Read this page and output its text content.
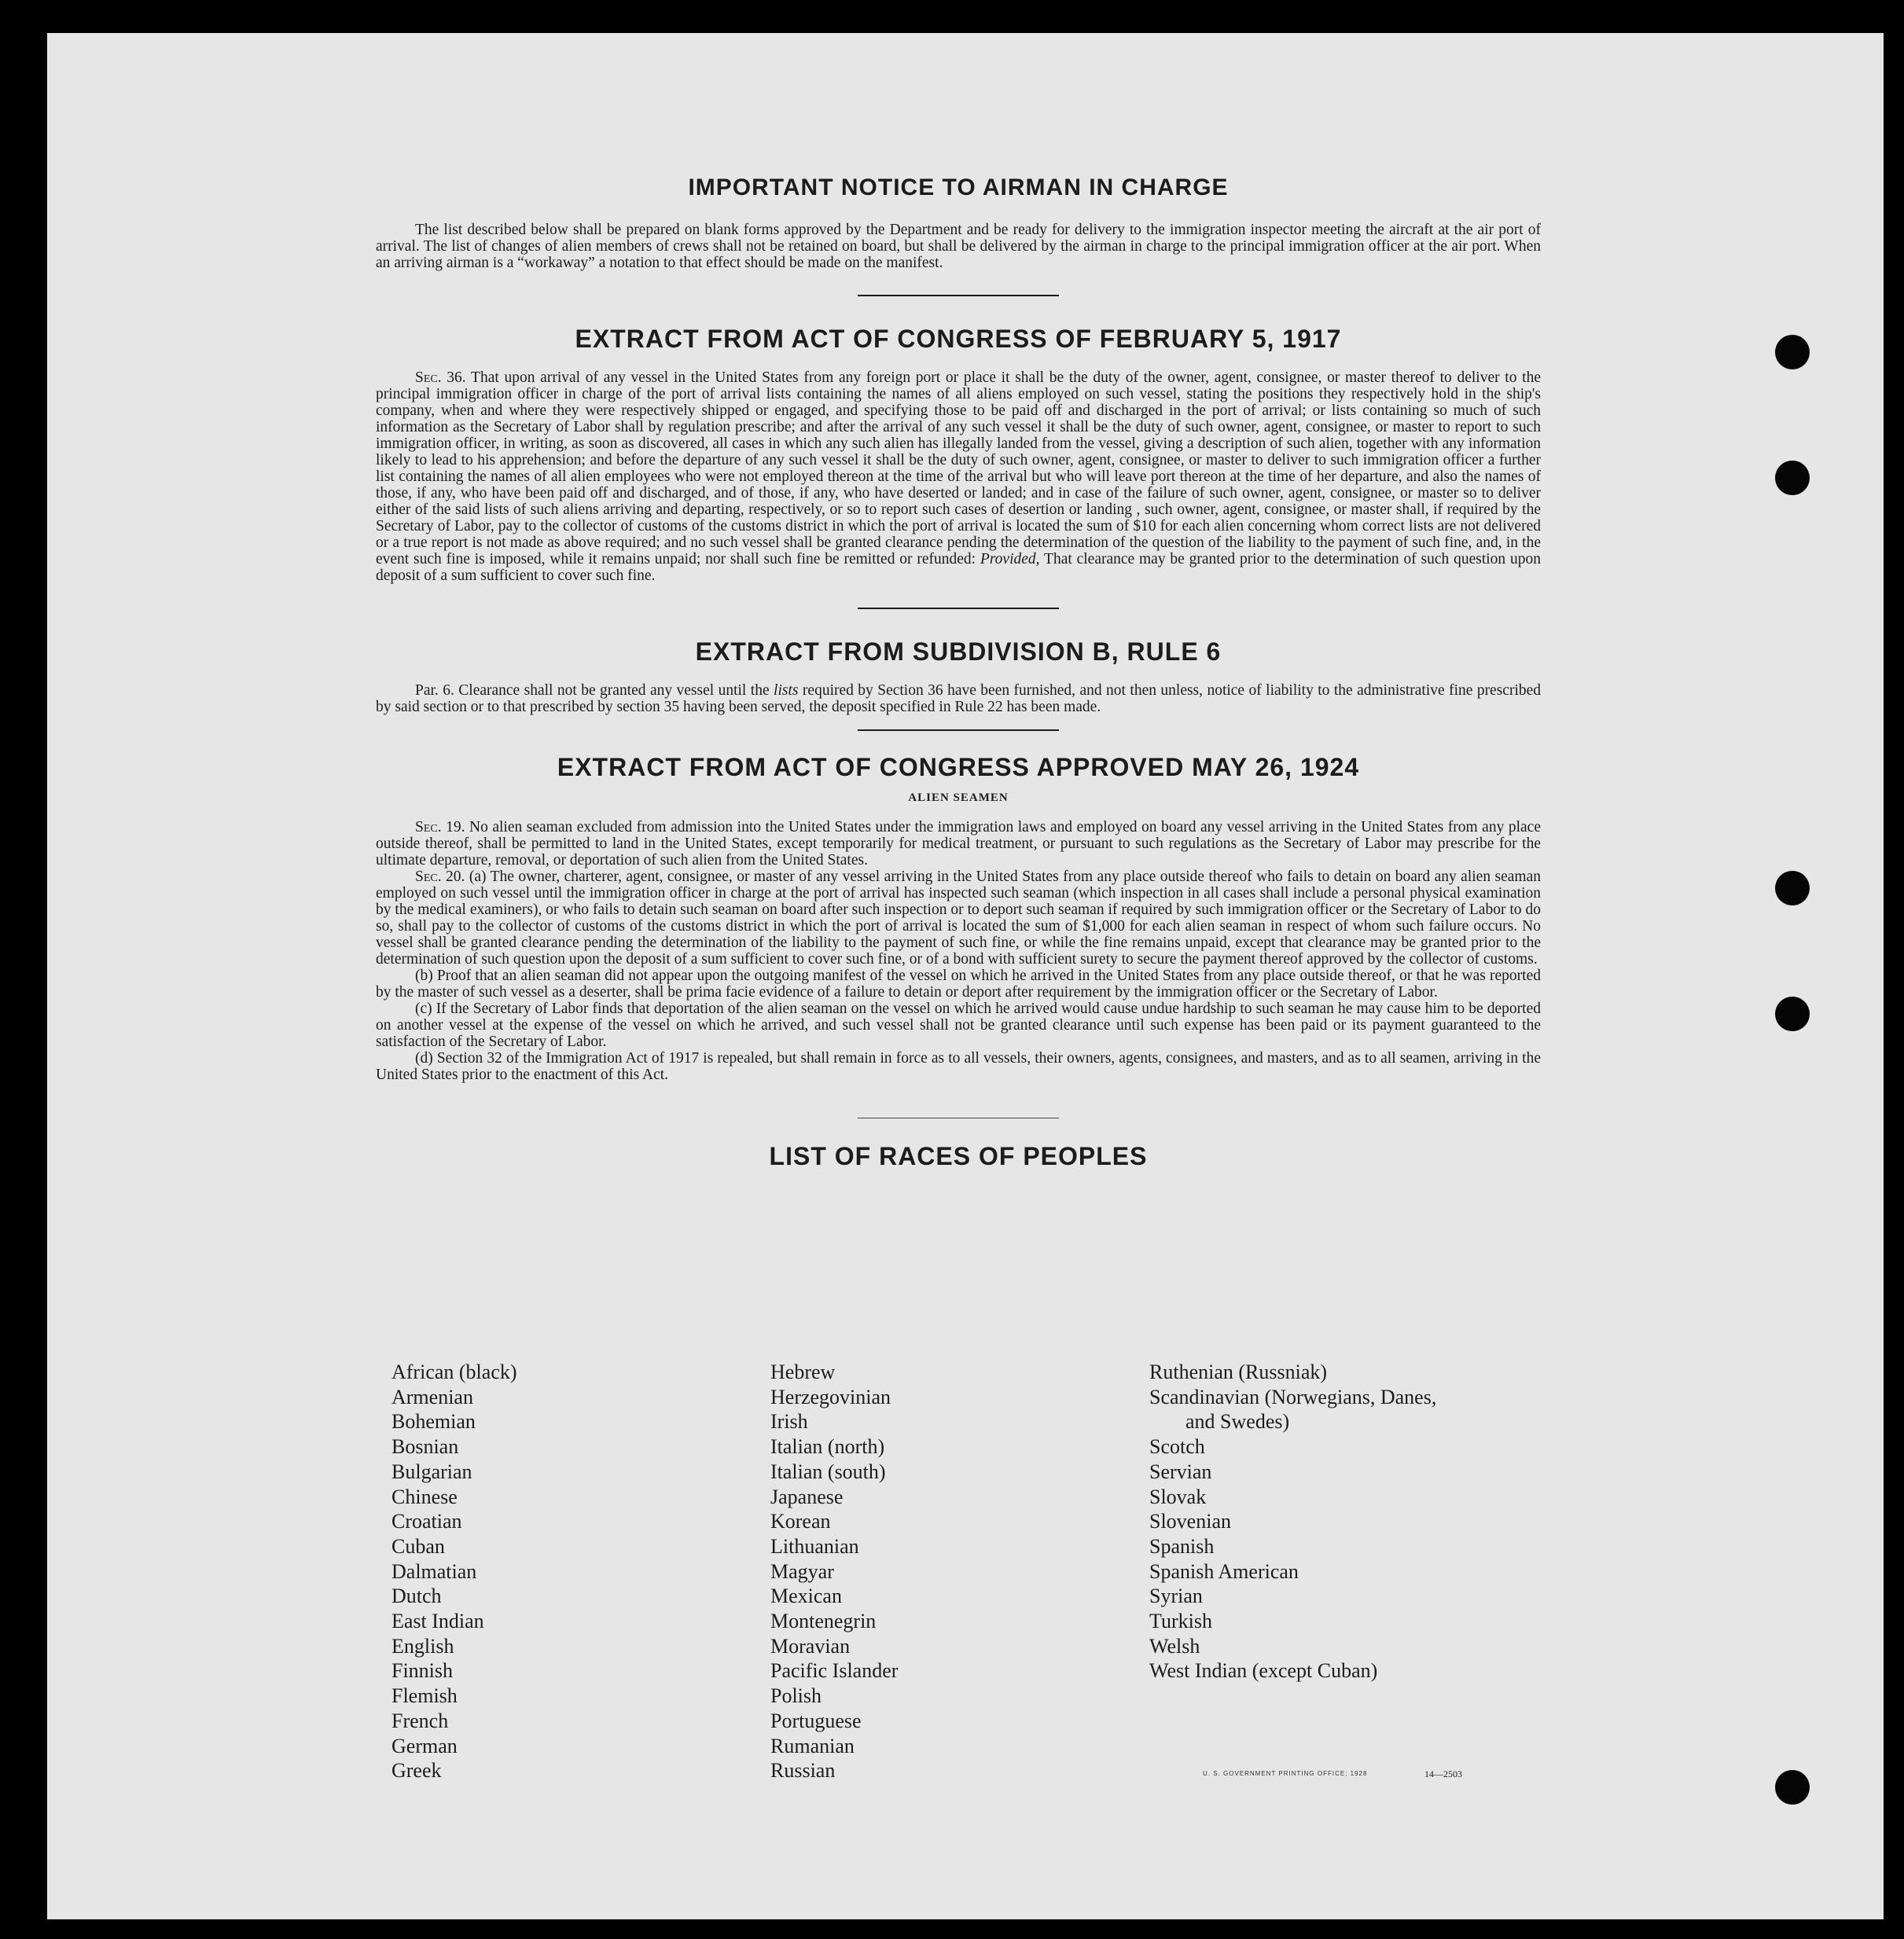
IMPORTANT NOTICE TO AIRMAN IN CHARGE

The list described below shall be prepared on blank forms approved by the Department and be ready for delivery to the immigration inspector meeting the aircraft at the air port of arrival. The list of changes of alien members of crews shall not be retained on board, but shall be delivered by the airman in charge to the principal immigration officer at the air port. When an arriving airman is a “workaway” a notation to that effect should be made on the manifest.

EXTRACT FROM ACT OF CONGRESS OF FEBRUARY 5, 1917

Sec. 36. That upon arrival of any vessel in the United States from any foreign port or place it shall be the duty of the owner, agent, consignee, or master thereof to deliver to the principal immigration officer in charge of the port of arrival lists containing the names of all aliens employed on such vessel, stating the positions they respectively hold in the ship's company, when and where they were respectively shipped or engaged, and specifying those to be paid off and discharged in the port of arrival; or lists containing so much of such information as the Secretary of Labor shall by regulation prescribe; and after the arrival of any such vessel it shall be the duty of such owner, agent, consignee, or master to report to such immigration officer, in writing, as soon as discovered, all cases in which any such alien has illegally landed from the vessel, giving a description of such alien, together with any information likely to lead to his apprehension; and before the departure of any such vessel it shall be the duty of such owner, agent, consignee, or master to deliver to such immigration officer a further list containing the names of all alien employees who were not employed thereon at the time of the arrival but who will leave port thereon at the time of her departure, and also the names of those, if any, who have been paid off and discharged, and of those, if any, who have deserted or landed; and in case of the failure of such owner, agent, consignee, or master so to deliver either of the said lists of such aliens arriving and departing, respectively, or so to report such cases of desertion or landing , such owner, agent, consignee, or master shall, if required by the Secretary of Labor, pay to the collector of customs of the customs district in which the port of arrival is located the sum of $10 for each alien concerning whom correct lists are not delivered or a true report is not made as above required; and no such vessel shall be granted clearance pending the determination of the question of the liability to the payment of such fine, and, in the event such fine is imposed, while it remains unpaid; nor shall such fine be remitted or refunded: Provided, That clearance may be granted prior to the determination of such question upon deposit of a sum sufficient to cover such fine.

EXTRACT FROM SUBDIVISION B, RULE 6

Par. 6. Clearance shall not be granted any vessel until the lists required by Section 36 have been furnished, and not then unless, notice of liability to the administrative fine prescribed by said section or to that prescribed by section 35 having been served, the deposit specified in Rule 22 has been made.

EXTRACT FROM ACT OF CONGRESS APPROVED MAY 26, 1924

ALIEN SEAMEN

Sec. 19. No alien seaman excluded from admission into the United States under the immigration laws and employed on board any vessel arriving in the United States from any place outside thereof, shall be permitted to land in the United States, except temporarily for medical treatment, or pursuant to such regulations as the Secretary of Labor may prescribe for the ultimate departure, removal, or deportation of such alien from the United States.

Sec. 20. (a) The owner, charterer, agent, consignee, or master of any vessel arriving in the United States from any place outside thereof who fails to detain on board any alien seaman employed on such vessel until the immigration officer in charge at the port of arrival has inspected such seaman (which inspection in all cases shall include a personal physical examination by the medical examiners), or who fails to detain such seaman on board after such inspection or to deport such seaman if required by such immigration officer or the Secretary of Labor to do so, shall pay to the collector of customs of the customs district in which the port of arrival is located the sum of $1,000 for each alien seaman in respect of whom such failure occurs. No vessel shall be granted clearance pending the determination of the liability to the payment of such fine, or while the fine remains unpaid, except that clearance may be granted prior to the determination of such question upon the deposit of a sum sufficient to cover such fine, or of a bond with sufficient surety to secure the payment thereof approved by the collector of customs.

(b) Proof that an alien seaman did not appear upon the outgoing manifest of the vessel on which he arrived in the United States from any place outside thereof, or that he was reported by the master of such vessel as a deserter, shall be prima facie evidence of a failure to detain or deport after requirement by the immigration officer or the Secretary of Labor.

(c) If the Secretary of Labor finds that deportation of the alien seaman on the vessel on which he arrived would cause undue hardship to such seaman he may cause him to be deported on another vessel at the expense of the vessel on which he arrived, and such vessel shall not be granted clearance until such expense has been paid or its payment guaranteed to the satisfaction of the Secretary of Labor.

(d) Section 32 of the Immigration Act of 1917 is repealed, but shall remain in force as to all vessels, their owners, agents, consignees, and masters, and as to all seamen, arriving in the United States prior to the enactment of this Act.

LIST OF RACES OF PEOPLES
African (black)
Armenian
Bohemian
Bosnian
Bulgarian
Chinese
Croatian
Cuban
Dalmatian
Dutch
East Indian
English
Finnish
Flemish
French
German
Greek
Hebrew
Herzegovinian
Irish
Italian (north)
Italian (south)
Japanese
Korean
Lithuanian
Magyar
Mexican
Montenegrin
Moravian
Pacific Islander
Polish
Portuguese
Rumanian
Russian
Ruthenian (Russniak)
Scandinavian (Norwegians, Danes,
and Swedes)
Scotch
Servian
Slovak
Slovenian
Spanish
Spanish American
Syrian
Turkish
Welsh
West Indian (except Cuban)
U. S. GOVERNMENT PRINTING OFFICE: 1928	14—2503
